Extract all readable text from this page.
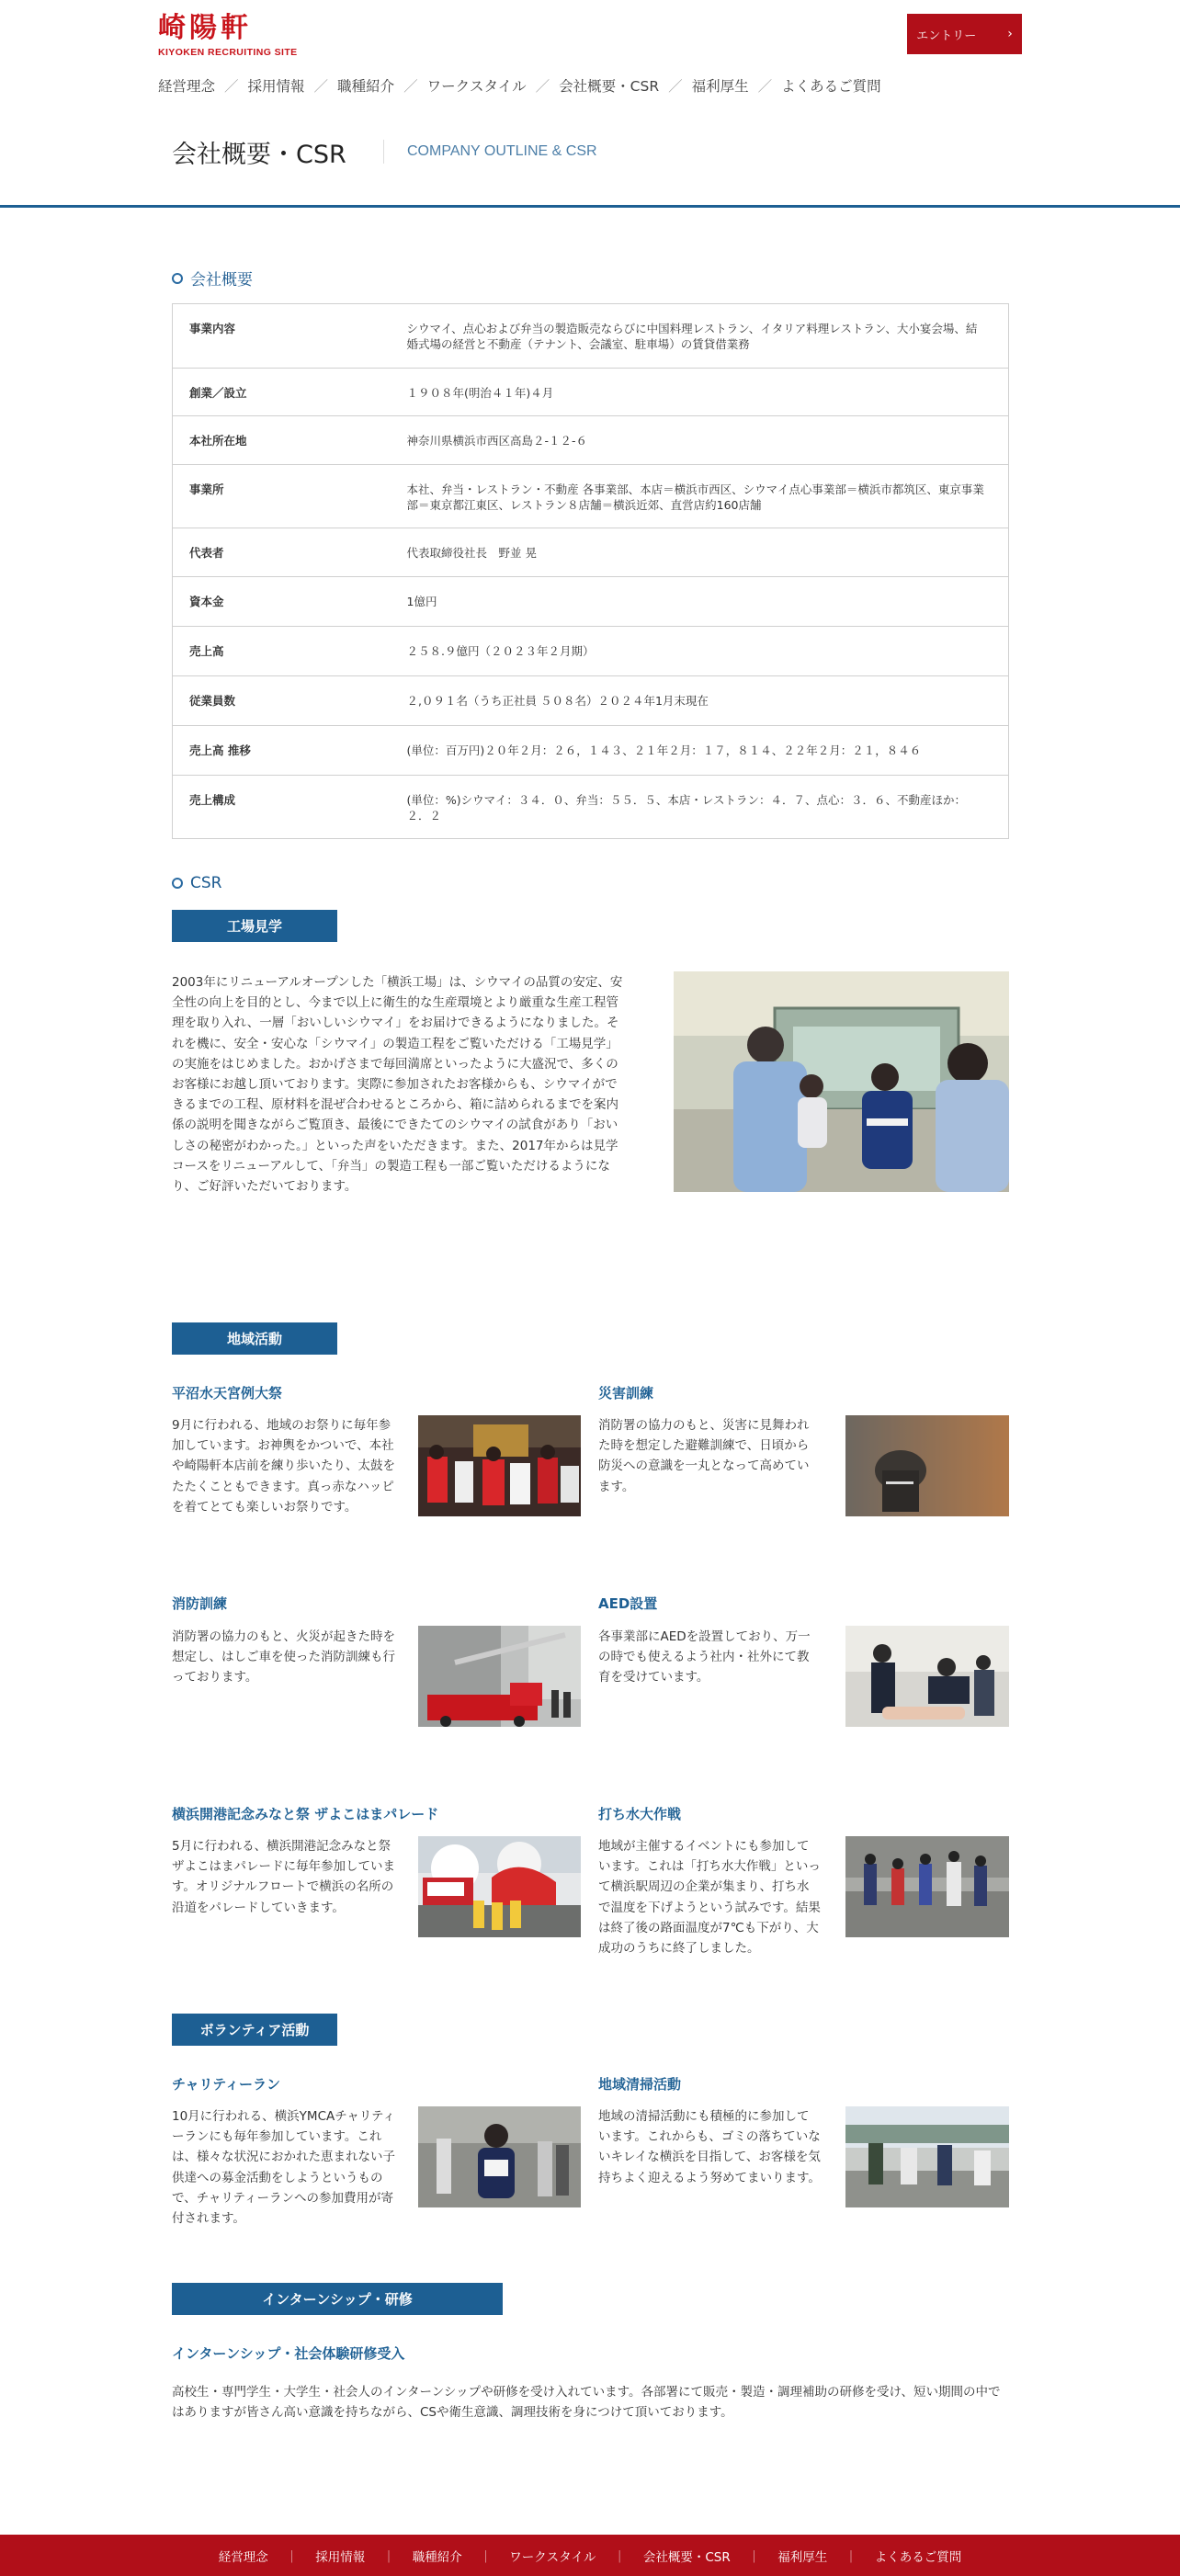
崎陽軒
KIYOKEN RECRUITING SITE
エントリー ›
経営理念 ／ 採用情報 ／ 職種紹介 ／ ワークスタイル ／ 会社概要・CSR ／ 福利厚生 ／ よくあるご質問
会社概要・CSR	COMPANY OUTLINE & CSR
会社概要
事業内容	シウマイ、点心および弁当の製造販売ならびに中国料理レストラン、イタリア料理レストラン、大小宴会場、結婚式場の経営と不動産（テナント、会議室、駐車場）の賃貸借業務
創業／設立	１９０８年(明治４１年)４月
本社所在地	神奈川県横浜市西区高島２-１２-６
事業所	本社、弁当・レストラン・不動産 各事業部、本店＝横浜市西区、シウマイ点心事業部＝横浜市都筑区、東京事業部＝東京都江東区、レストラン８店舗＝横浜近郊、直営店約160店舗
代表者	代表取締役社長　野並 晃
資本金	1億円
売上高	２５８.９億円（２０２３年２月期）
従業員数	２,０９１名（うち正社員 ５０８名）２０２４年1月末現在
売上高 推移	(単位：百万円)２０年２月：２６，１４３、２１年２月：１７，８１４、２２年２月：２１，８４６
売上構成	(単位：%)シウマイ：３４．０、弁当：５５．５、本店・レストラン：４．７、点心：３．６、不動産ほか：２．２
CSR
工場見学
2003年にリニューアルオープンした「横浜工場」は、シウマイの品質の安定、安全性の向上を目的とし、今まで以上に衛生的な生産環境とより厳重な生産工程管理を取り入れ、一層「おいしいシウマイ」をお届けできるようになりました。それを機に、安全・安心な「シウマイ」の製造工程をご覧いただける「工場見学」の実施をはじめました。おかげさまで毎回満席といったように大盛況で、多くのお客様にお越し頂いております。実際に参加されたお客様からも、シウマイができるまでの工程、原材料を混ぜ合わせるところから、箱に詰められるまでを案内係の説明を聞きながらご覧頂き、最後にできたてのシウマイの試食があり「おいしさの秘密がわかった。」といった声をいただきます。また、2017年からは見学コースをリニューアルして、「弁当」の製造工程も一部ご覧いただけるようになり、ご好評いただいております。
地域活動
平沼水天宮例大祭
9月に行われる、地域のお祭りに毎年参加しています。お神輿をかついで、本社や崎陽軒本店前を練り歩いたり、太鼓をたたくこともできます。真っ赤なハッピを着てとても楽しいお祭りです。
災害訓練
消防署の協力のもと、災害に見舞われた時を想定した避難訓練で、日頃から防災への意識を一丸となって高めています。
消防訓練
消防署の協力のもと、火災が起きた時を想定し、はしご車を使った消防訓練も行っております。
AED設置
各事業部にAEDを設置しており、万一の時でも使えるよう社内・社外にて教育を受けています。
横浜開港記念みなと祭 ザよこはまパレード
5月に行われる、横浜開港記念みなと祭ザよこはまパレードに毎年参加しています。オリジナルフロートで横浜の名所の沿道をパレードしていきます。
打ち水大作戦
地域が主催するイベントにも参加しています。これは「打ち水大作戦」といって横浜駅周辺の企業が集まり、打ち水で温度を下げようという試みです。結果は終了後の路面温度が7℃も下がり、大成功のうちに終了しました。
ボランティア活動
チャリティーラン
10月に行われる、横浜YMCAチャリティーランにも毎年参加しています。これは、様々な状況におかれた恵まれない子供達への募金活動をしようというもので、チャリティーランへの参加費用が寄付されます。
地域清掃活動
地域の清掃活動にも積極的に参加しています。これからも、ゴミの落ちていないキレイな横浜を目指して、お客様を気持ちよく迎えるよう努めてまいります。
インターンシップ・研修
インターンシップ・社会体験研修受入
高校生・専門学生・大学生・社会人のインターンシップや研修を受け入れています。各部署にて販売・製造・調理補助の研修を受け、短い期間の中ではありますが皆さん高い意識を持ちながら、CSや衛生意識、調理技術を身につけて頂いております。
経営理念 ｜ 採用情報 ｜ 職種紹介 ｜ ワークスタイル ｜ 会社概要・CSR ｜ 福利厚生 ｜ よくあるご質問
